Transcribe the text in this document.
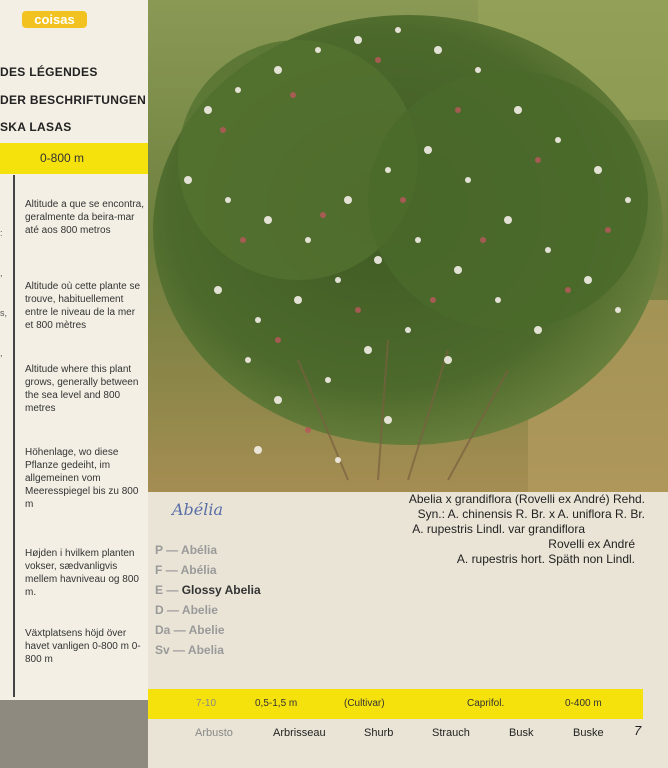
coisas
DES LÉGENDES
DER BESCHRIFTUNGEN
SKA LASAS
0-800 m
:
,
s,
,
Altitude a que se encontra, geralmente da beira-mar até aos 800 metros
Altitude où cette plante se trouve, habituellement entre le niveau de la mer et 800 mètres
Altitude where this plant grows, generally between the sea level and 800 metres
Höhenlage, wo diese Pflanze gedeiht, im allgemeinen vom Meeresspiegel bis zu 800 m
Højden i hvilkem planten vokser, sædvanligvis mellem havniveau og 800 m.
Växtplatsens höjd över havet vanligen 0-800 m 0-800 m
Abélia
Abelia x grandiflora (Rovelli ex André) Rehd.
Syn.: A. chinensis R. Br. x A. uniflora R. Br.
A. rupestris Lindl. var grandiflora
Rovelli ex André
A. rupestris hort. Späth non Lindl.
P — Abélia
F — Abélia
E — Glossy Abelia
D — Abelie
Da — Abelie
Sv — Abelia
7-10	0,5-1,5 m	(Cultivar)	Caprifol.	0-400 m
Arbusto	Arbrisseau	Shurb	Strauch	Busk	Buske 7
